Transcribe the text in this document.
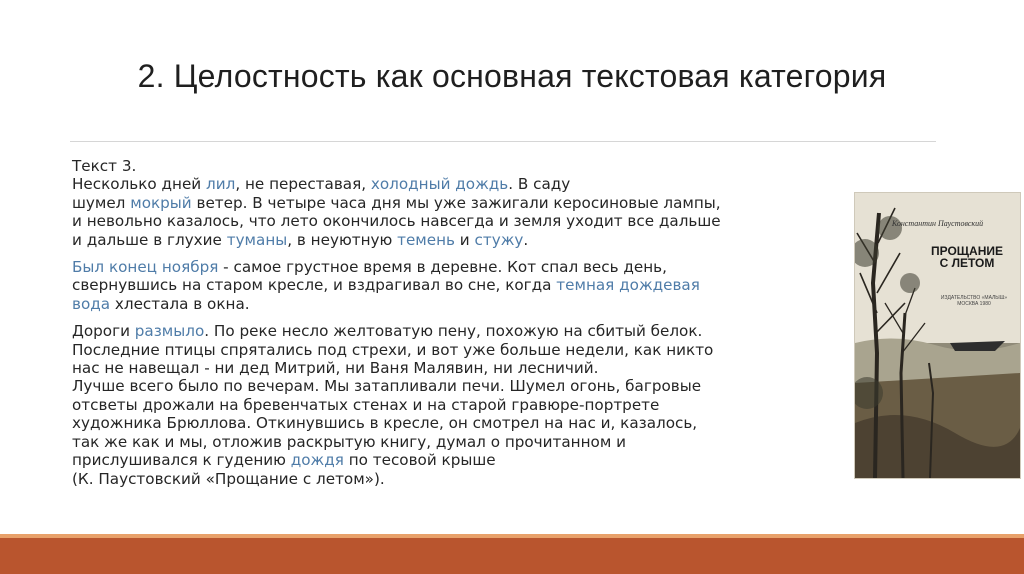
2. Целостность как основная текстовая категория

Текст 3.

Несколько дней лил, не переставая, холодный дождь. В саду
шумел мокрый ветер. В четыре часа дня мы уже зажигали керосиновые лампы,
и невольно казалось, что лето окончилось навсегда и земля уходит все дальше
и дальше в глухие туманы, в неуютную темень и стужу.

Был конец ноября - самое грустное время в деревне. Кот спал весь день,
свернувшись на старом кресле, и вздрагивал во сне, когда темная дождевая
вода хлестала в окна.

Дороги размыло. По реке несло желтоватую пену, похожую на сбитый белок.
Последние птицы спрятались под стрехи, и вот уже больше недели, как никто
нас не навещал - ни дед Митрий, ни Ваня Малявин, ни лесничий.
Лучше всего было по вечерам. Мы затапливали печи. Шумел огонь, багровые
отсветы дрожали на бревенчатых стенах и на старой гравюре-портрете
художника Брюллова. Откинувшись в кресле, он смотрел на нас и, казалось,
так же как и мы, отложив раскрытую книгу, думал о прочитанном и
прислушивался к гудению дождя по тесовой крыше

(К. Паустовский «Прощание с летом»).

Константин Паустовский
ПРОЩАНИЕ
С ЛЕТОМ
ИЗДАТЕЛЬСТВО «МАЛЫШ»
МОСКВА 1980
